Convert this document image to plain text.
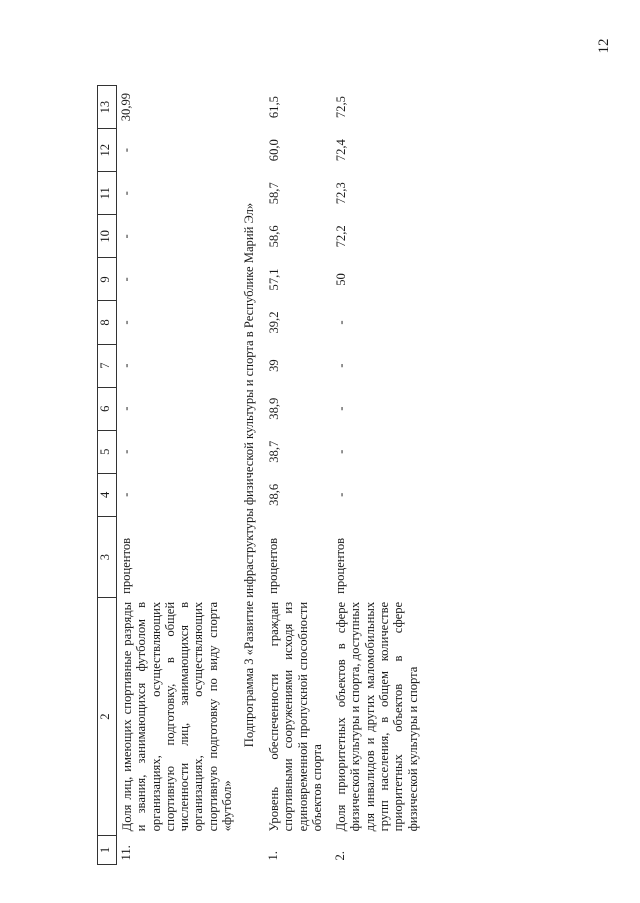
12
1	2	3	4	5	6	7	8	9	10	11	12	13
11.	Доля лиц, имеющих спортивные разряды и звания, занимающихся футболом в организациях, осуществляющих спортивную подготовку, в общей численности лиц, занимающихся в организациях, осуществляющих спортивную подготовку по виду спорта «футбол»	процентов	-	-	-	-	-	-	-	-	-	30,99
Подпрограмма 3 «Развитие инфраструктуры физической культуры и спорта в Республике Марий Эл»												
1.	Уровень обеспеченности граждан спортивными сооружениями исходя из единовременной пропускной способности объектов спорта	процентов	38,6	38,7	38,9	39	39,2	57,1	58,6	58,7	60,0	61,5

2.	Доля приоритетных объектов в сфере физической культуры и спорта, доступных для инвалидов и других маломобильных групп населения, в общем количестве приоритетных объектов в сфере физической культуры и спорта	процентов	-	-	-	-	-	50	72,2	72,3	72,4	72,5
